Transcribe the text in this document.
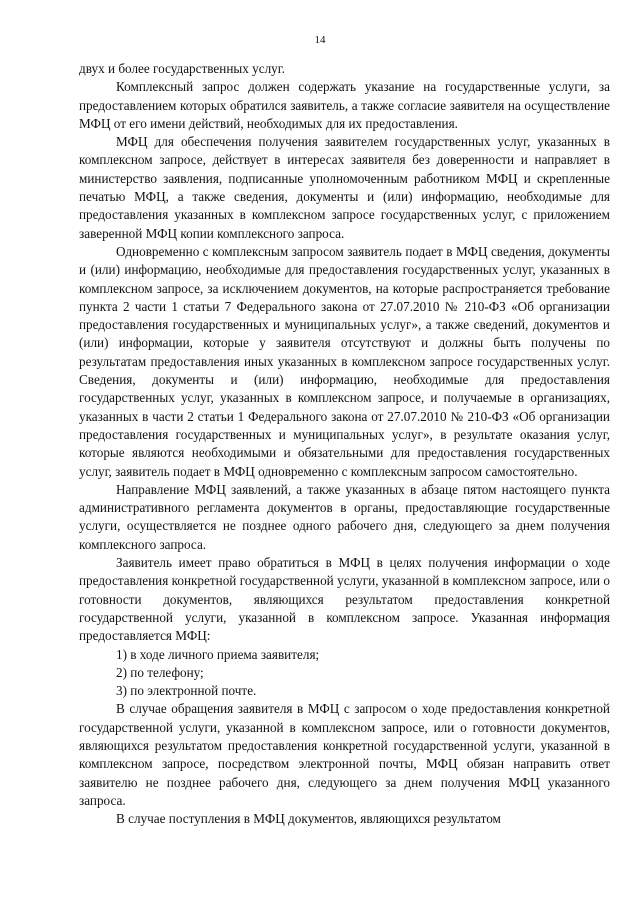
14

двух и более государственных услуг.

Комплексный запрос должен содержать указание на государственные услуги, за предоставлением которых обратился заявитель, а также согласие заявителя на осуществление МФЦ от его имени действий, необходимых для их предоставления.

МФЦ для обеспечения получения заявителем государственных услуг, указанных в комплексном запросе, действует в интересах заявителя без доверенности и направляет в министерство заявления, подписанные уполномоченным работником МФЦ и скрепленные печатью МФЦ, а также сведения, документы и (или) информацию, необходимые для предоставления указанных в комплексном запросе государственных услуг, с приложением заверенной МФЦ копии комплексного запроса.

Одновременно с комплексным запросом заявитель подает в МФЦ сведения, документы и (или) информацию, необходимые для предоставления государственных услуг, указанных в комплексном запросе, за исключением документов, на которые распространяется требование пункта 2 части 1 статьи 7 Федерального закона от 27.07.2010 № 210-ФЗ «Об организации предоставления государственных и муниципальных услуг», а также сведений, документов и (или) информации, которые у заявителя отсутствуют и должны быть получены по результатам предоставления иных указанных в комплексном запросе государственных услуг. Сведения, документы и (или) информацию, необходимые для предоставления государственных услуг, указанных в комплексном запросе, и получаемые в организациях, указанных в части 2 статьи 1 Федерального закона от 27.07.2010 № 210-ФЗ «Об организации предоставления государственных и муниципальных услуг», в результате оказания услуг, которые являются необходимыми и обязательными для предоставления государственных услуг, заявитель подает в МФЦ одновременно с комплексным запросом самостоятельно.

Направление МФЦ заявлений, а также указанных в абзаце пятом настоящего пункта административного регламента документов в органы, предоставляющие государственные услуги, осуществляется не позднее одного рабочего дня, следующего за днем получения комплексного запроса.

Заявитель имеет право обратиться в МФЦ в целях получения информации о ходе предоставления конкретной государственной услуги, указанной в комплексном запросе, или о готовности документов, являющихся результатом предоставления конкретной государственной услуги, указанной в комплексном запросе. Указанная информация предоставляется МФЦ:

1) в ходе личного приема заявителя;

2) по телефону;

3) по электронной почте.

В случае обращения заявителя в МФЦ с запросом о ходе предоставления конкретной государственной услуги, указанной в комплексном запросе, или о готовности документов, являющихся результатом предоставления конкретной государственной услуги, указанной в комплексном запросе, посредством электронной почты, МФЦ обязан направить ответ заявителю не позднее рабочего дня, следующего за днем получения МФЦ указанного запроса.

В случае поступления в МФЦ документов, являющихся результатом
